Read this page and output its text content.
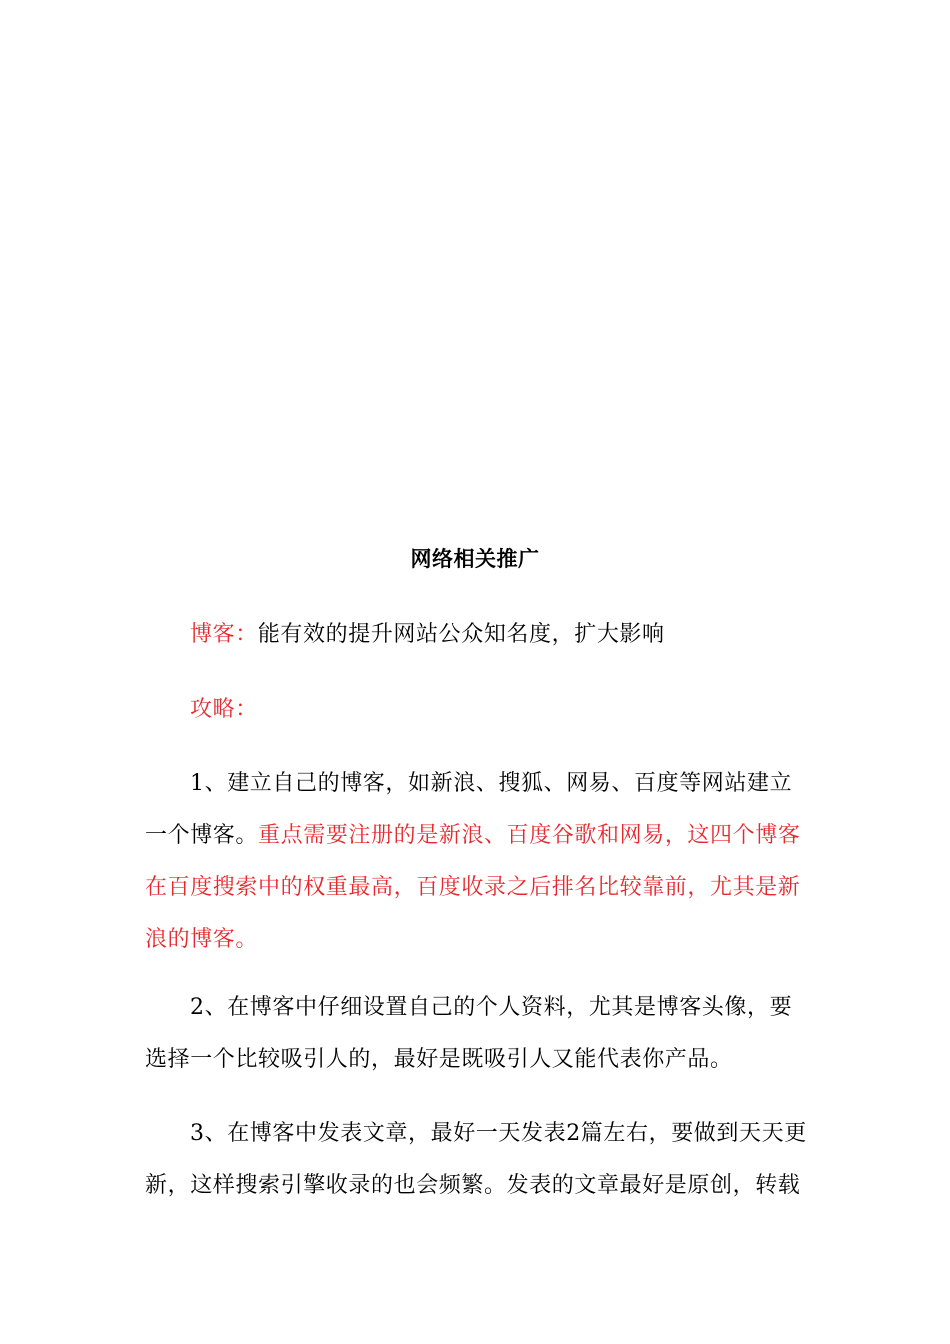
网络相关推广

博客：能有效的提升网站公众知名度，扩大影响

攻略：

1、建立自己的博客，如新浪、搜狐、网易、百度等网站建立一个博客。重点需要注册的是新浪、百度谷歌和网易，这四个博客在百度搜索中的权重最高，百度收录之后排名比较靠前，尤其是新浪的博客。

2、在博客中仔细设置自己的个人资料，尤其是博客头像，要选择一个比较吸引人的，最好是既吸引人又能代表你产品。

3、在博客中发表文章，最好一天发表2篇左右，要做到天天更新，这样搜索引擎收录的也会频繁。发表的文章最好是原创，转载
